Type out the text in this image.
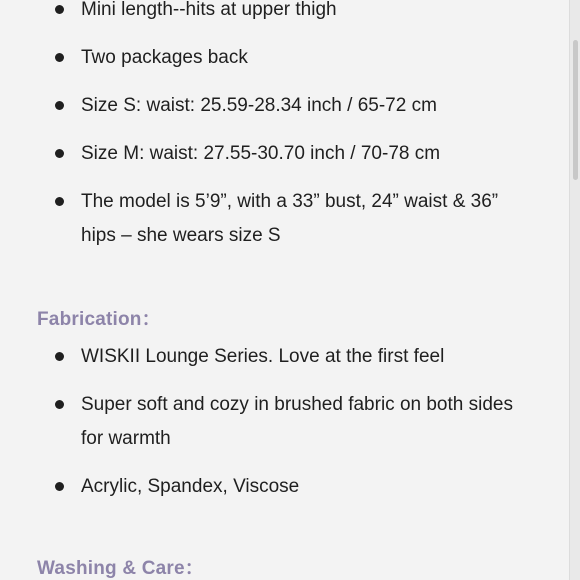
Mini length--hits at upper thigh
Two packages back
Size S: waist: 25.59-28.34 inch / 65-72 cm
Size M: waist: 27.55-30.70 inch / 70-78 cm
The model is 5’9”, with a 33” bust, 24” waist & 36” hips – she wears size S
Fabrication：
WISKII Lounge Series. Love at the first feel
Super soft and cozy in brushed fabric on both sides for warmth
Acrylic, Spandex, Viscose
Washing & Care：
